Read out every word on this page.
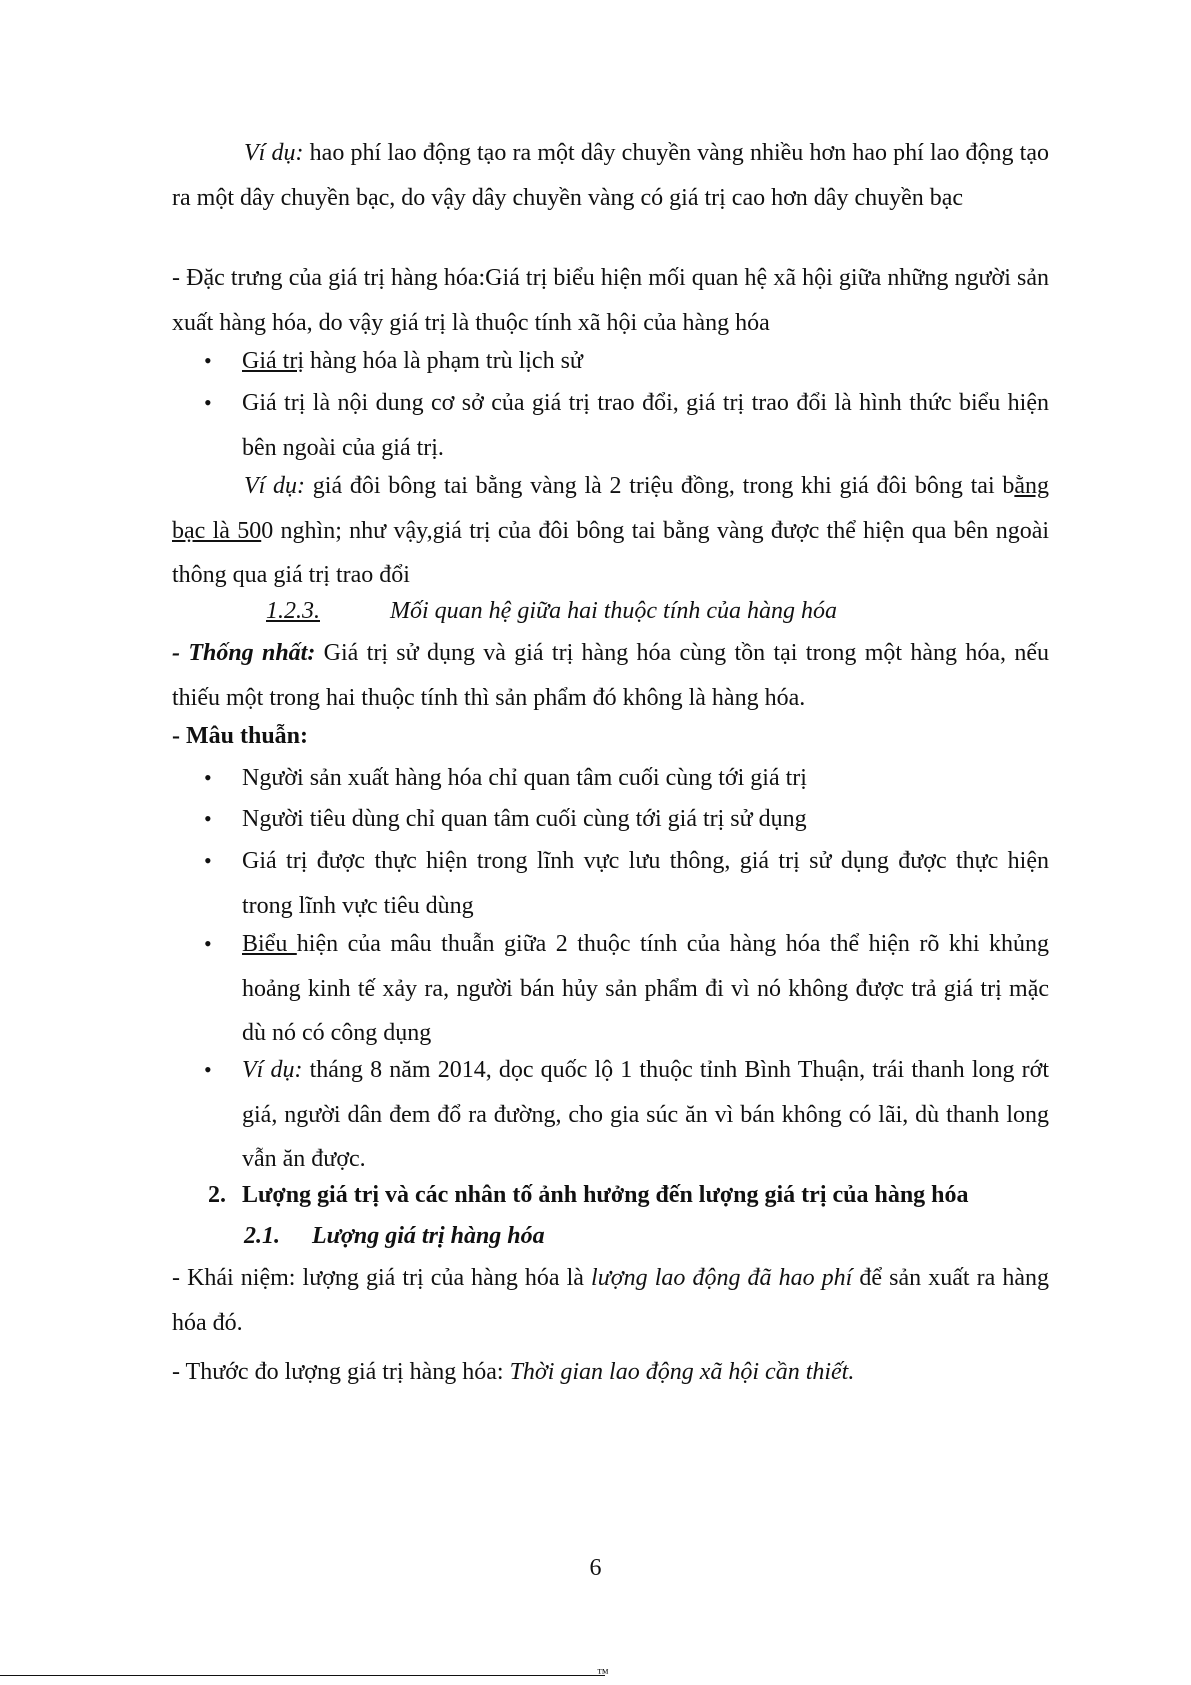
Ví dụ: hao phí lao động tạo ra một dây chuyền vàng nhiều hơn hao phí lao động tạo ra một dây chuyền bạc, do vậy dây chuyền vàng có giá trị cao hơn dây chuyền bạc

- Đặc trưng của giá trị hàng hóa:Giá trị biểu hiện mối quan hệ xã hội giữa những người sản xuất hàng hóa, do vậy giá trị là thuộc tính xã hội của hàng hóa

• Giá trị hàng hóa là phạm trù lịch sử

• Giá trị là nội dung cơ sở của giá trị trao đổi, giá trị trao đổi là hình thức biểu hiện bên ngoài của giá trị.

Ví dụ: giá đôi bông tai bằng vàng là 2 triệu đồng, trong khi giá đôi bông tai bằng bạc là 500 nghìn; như vậy,giá trị của đôi bông tai bằng vàng được thể hiện qua bên ngoài thông qua giá trị trao đổi

1.2.3.	Mối quan hệ giữa hai thuộc tính của hàng hóa

- Thống nhất: Giá trị sử dụng và giá trị hàng hóa cùng tồn tại trong một hàng hóa, nếu thiếu một trong hai thuộc tính thì sản phẩm đó không là hàng hóa.

- Mâu thuẫn:

• Người sản xuất hàng hóa chỉ quan tâm cuối cùng tới giá trị

• Người tiêu dùng chỉ quan tâm cuối cùng tới giá trị sử dụng

• Giá trị được thực hiện trong lĩnh vực lưu thông, giá trị sử dụng được thực hiện trong lĩnh vực tiêu dùng

• Biểu hiện của mâu thuẫn giữa 2 thuộc tính của hàng hóa thể hiện rõ khi khủng hoảng kinh tế xảy ra, người bán hủy sản phẩm đi vì nó không được trả giá trị mặc dù nó có công dụng

• Ví dụ: tháng 8 năm 2014, dọc quốc lộ 1 thuộc tỉnh Bình Thuận, trái thanh long rớt giá, người dân đem đổ ra đường, cho gia súc ăn vì bán không có lãi, dù thanh long vẫn ăn được.

2. Lượng giá trị và các nhân tố ảnh hưởng đến lượng giá trị của hàng hóa

2.1. Lượng giá trị hàng hóa

- Khái niệm: lượng giá trị của hàng hóa là lượng lao động đã hao phí để sản xuất ra hàng hóa đó.

- Thước đo lượng giá trị hàng hóa: Thời gian lao động xã hội cần thiết.

6
™
